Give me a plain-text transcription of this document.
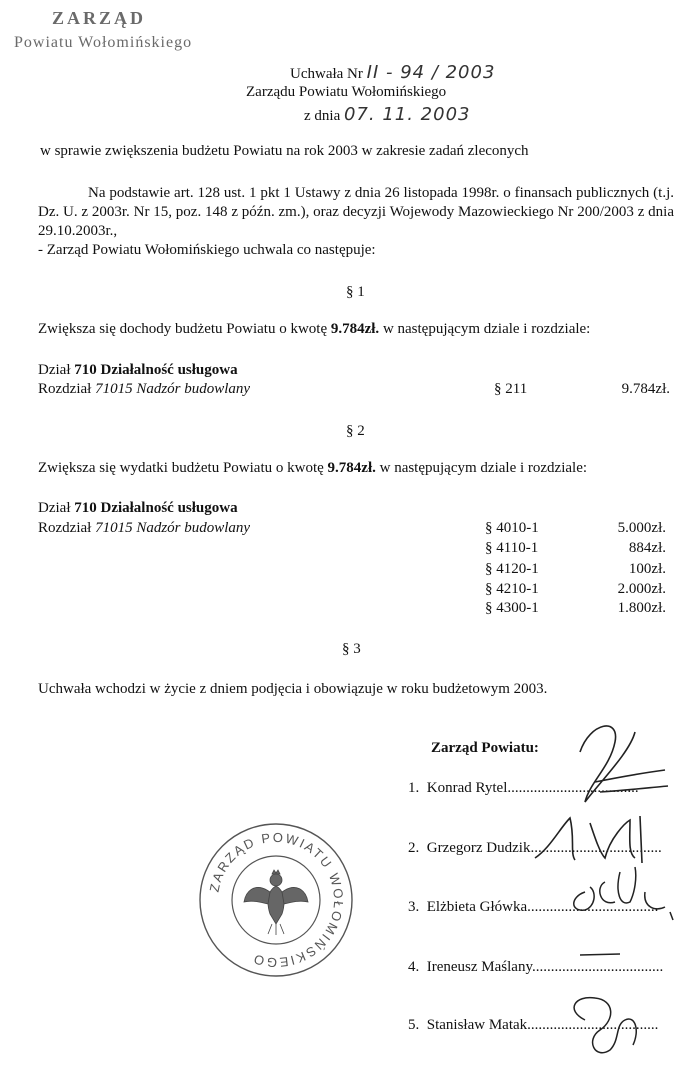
ZARZĄD
Powiatu Wołomińskiego
Uchwała Nr II - 94 / 2003
Zarządu Powiatu Wołomińskiego
z dnia 07. 11. 2003
w sprawie zwiększenia budżetu Powiatu na rok 2003 w zakresie zadań zleconych
Na podstawie art. 128 ust. 1 pkt 1 Ustawy z dnia 26 listopada 1998r. o finansach publicznych (t.j. Dz. U. z 2003r. Nr 15, poz. 148 z późn. zm.), oraz decyzji Wojewody Mazowieckiego Nr 200/2003 z dnia 29.10.2003r.,
- Zarząd Powiatu Wołomińskiego uchwala co następuje:
§ 1
Zwiększa się dochody budżetu Powiatu o kwotę 9.784zł. w następującym dziale i rozdziale:
Dział 710 Działalność usługowa
Rozdział 71015 Nadzór budowlany	§ 211	9.784zł.
§ 2
Zwiększa się wydatki budżetu Powiatu o kwotę 9.784zł. w następującym dziale i rozdziale:
Dział 710 Działalność usługowa
Rozdział 71015 Nadzór budowlany	§ 4010-1	5.000zł.
§ 4110-1	884zł.
§ 4120-1	100zł.
§ 4210-1	2.000zł.
§ 4300-1	1.800zł.
§ 3
Uchwała wchodzi w życie z dniem podjęcia i obowiązuje w roku budżetowym 2003.
Zarząd Powiatu:
1. Konrad Rytel...................................
2. Grzegorz Dudzik...................................
3. Elżbieta Główka...................................
4. Ireneusz Maślany...................................
5. Stanisław Matak...................................
ZARZĄD POWIATU WOŁOMIŃSKIEGO
